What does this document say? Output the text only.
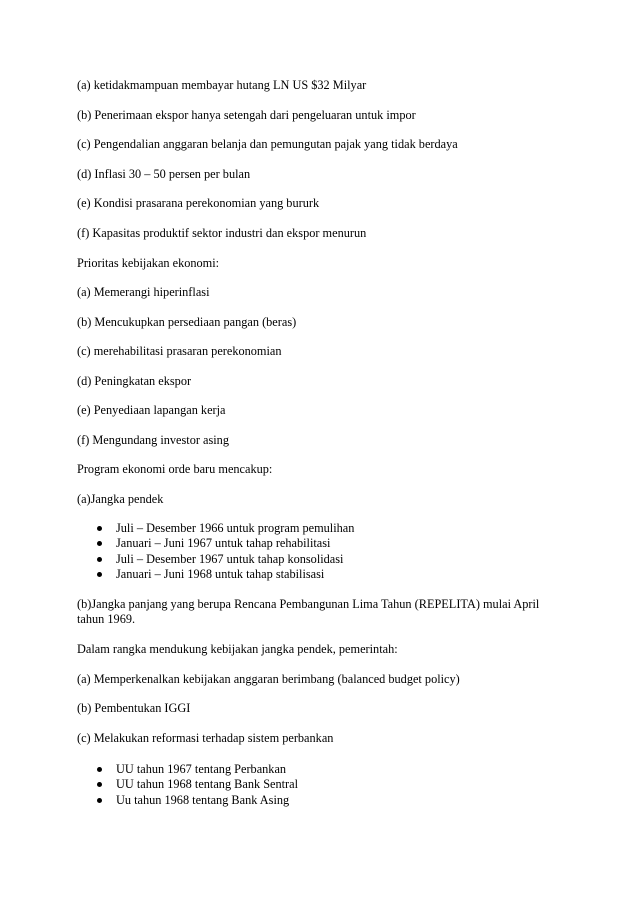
(a) ketidakmampuan membayar hutang LN US $32 Milyar
(b) Penerimaan ekspor hanya setengah dari pengeluaran untuk impor
(c) Pengendalian anggaran belanja dan pemungutan pajak yang tidak berdaya
(d) Inflasi 30 – 50 persen per bulan
(e) Kondisi prasarana perekonomian yang bururk
(f) Kapasitas produktif sektor industri dan ekspor menurun
Prioritas kebijakan ekonomi:
(a) Memerangi hiperinflasi
(b) Mencukupkan persediaan pangan (beras)
(c) merehabilitasi prasaran perekonomian
(d) Peningkatan ekspor
(e) Penyediaan lapangan kerja
(f) Mengundang investor asing
Program ekonomi orde baru mencakup:
(a)Jangka pendek
Juli – Desember 1966 untuk program pemulihan
Januari – Juni 1967 untuk tahap rehabilitasi
Juli – Desember 1967 untuk tahap konsolidasi
Januari – Juni 1968 untuk tahap stabilisasi
(b)Jangka panjang yang berupa Rencana Pembangunan Lima Tahun (REPELITA) mulai April tahun 1969.
Dalam rangka mendukung kebijakan jangka pendek, pemerintah:
(a) Memperkenalkan kebijakan anggaran berimbang (balanced budget policy)
(b) Pembentukan IGGI
(c) Melakukan reformasi terhadap sistem perbankan
UU tahun 1967 tentang Perbankan
UU tahun 1968 tentang Bank Sentral
Uu tahun 1968 tentang Bank Asing
